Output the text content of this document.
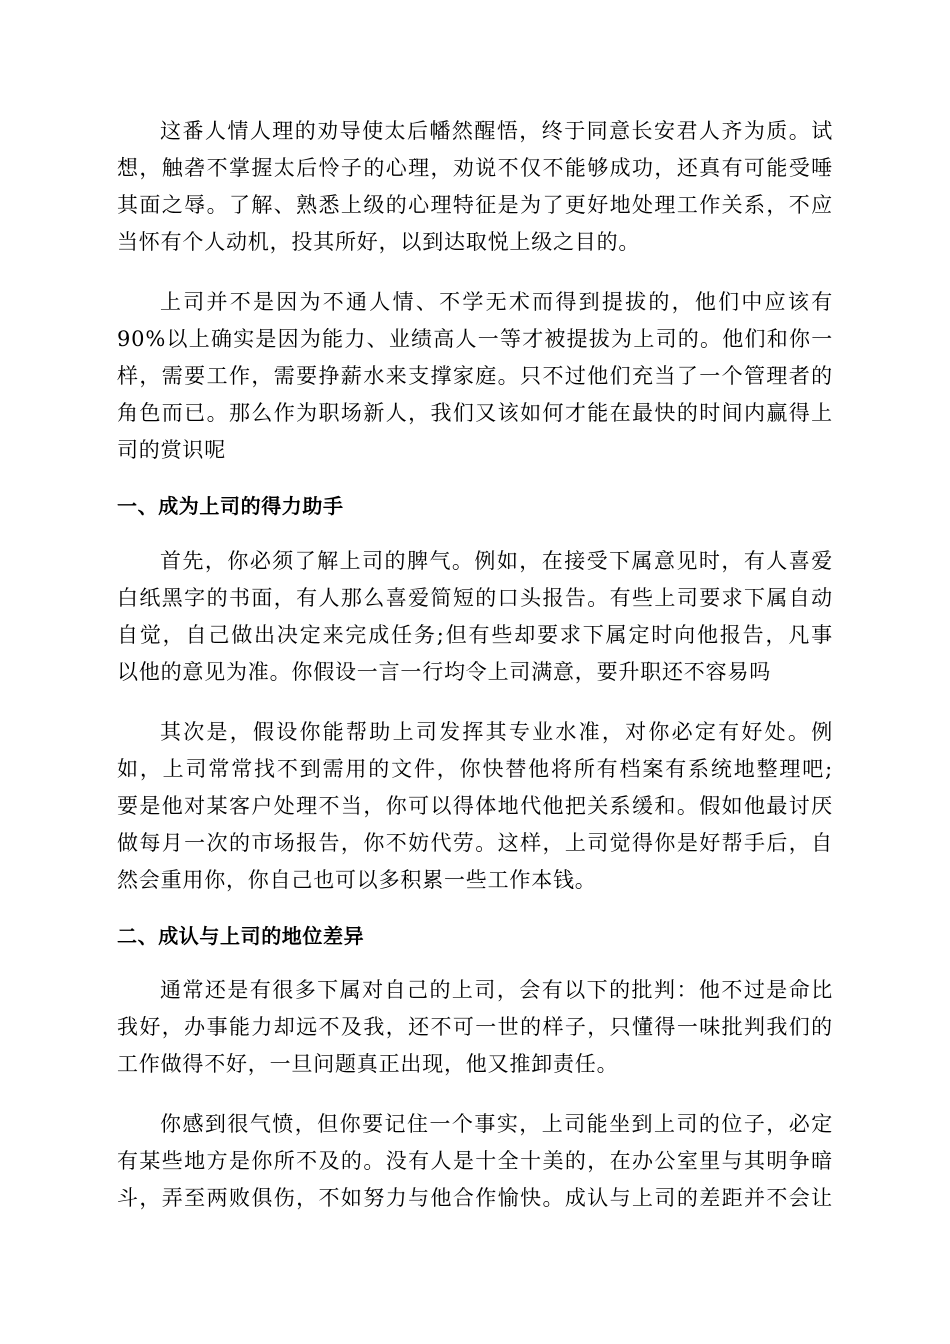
这番人情人理的劝导使太后幡然醒悟，终于同意长安君人齐为质。试
想，触砻不掌握太后怜子的心理，劝说不仅不能够成功，还真有可能受唾
其面之辱。了解、熟悉上级的心理特征是为了更好地处理工作关系，不应
当怀有个人动机，投其所好，以到达取悦上级之目的。
上司并不是因为不通人情、不学无术而得到提拔的，他们中应该有
90%以上确实是因为能力、业绩高人一等才被提拔为上司的。他们和你一
样，需要工作，需要挣薪水来支撑家庭。只不过他们充当了一个管理者的
角色而已。那么作为职场新人，我们又该如何才能在最快的时间内赢得上
司的赏识呢
一、成为上司的得力助手
首先，你必须了解上司的脾气。例如，在接受下属意见时，有人喜爱
白纸黑字的书面，有人那么喜爱简短的口头报告。有些上司要求下属自动
自觉，自己做出决定来完成任务;但有些却要求下属定时向他报告，凡事
以他的意见为准。你假设一言一行均令上司满意，要升职还不容易吗
其次是，假设你能帮助上司发挥其专业水准，对你必定有好处。例
如，上司常常找不到需用的文件，你快替他将所有档案有系统地整理吧;
要是他对某客户处理不当，你可以得体地代他把关系缓和。假如他最讨厌
做每月一次的市场报告，你不妨代劳。这样，上司觉得你是好帮手后，自
然会重用你，你自己也可以多积累一些工作本钱。
二、成认与上司的地位差异
通常还是有很多下属对自己的上司，会有以下的批判：他不过是命比
我好，办事能力却远不及我，还不可一世的样子，只懂得一味批判我们的
工作做得不好，一旦问题真正出现，他又推卸责任。
你感到很气愤，但你要记住一个事实，上司能坐到上司的位子，必定
有某些地方是你所不及的。没有人是十全十美的，在办公室里与其明争暗
斗，弄至两败俱伤，不如努力与他合作愉快。成认与上司的差距并不会让
